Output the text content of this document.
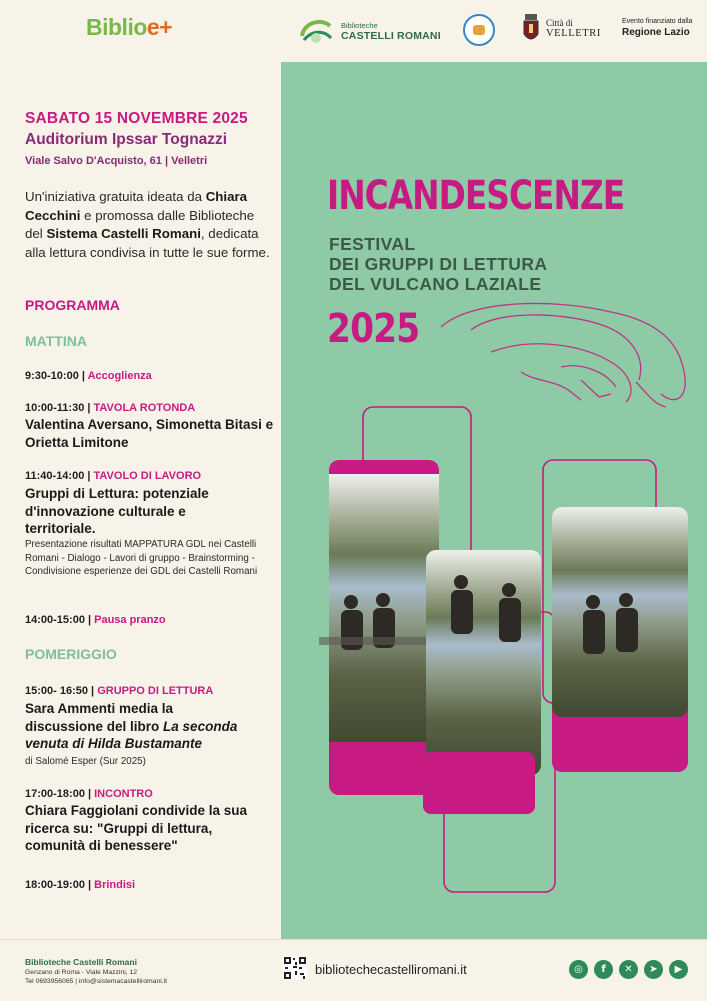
Biblioe+	Biblioteche
CASTELLI ROMANI
Città di
VELLETRI
Evento finanziato dalla
Regione Lazio
SABATO 15 NOVEMBRE 2025
Auditorium Ipssar Tognazzi
Viale Salvo D'Acquisto, 61 | Velletri
Un'iniziativa gratuita ideata da Chiara Cecchini e promossa dalle Biblioteche del Sistema Castelli Romani, dedicata alla lettura condivisa in tutte le sue forme.
PROGRAMMA
MATTINA
9:30-10:00 | Accoglienza
10:00-11:30 | TAVOLA ROTONDA
Valentina Aversano, Simonetta Bitasi e Orietta Limitone
11:40-14:00 | TAVOLO DI LAVORO
Gruppi di Lettura: potenziale d'innovazione culturale e territoriale.
Presentazione risultati MAPPATURA GDL nei Castelli Romani - Dialogo - Lavori di gruppo - Brainstorming - Condivisione esperienze dei GDL dei Castelli Romani
14:00-15:00 | Pausa pranzo
POMERIGGIO
15:00- 16:50 | GRUPPO DI LETTURA
Sara Ammenti media la discussione del libro La seconda venuta di Hilda Bustamante
di Salomé Esper (Sur 2025)
17:00-18:00 | INCONTRO
Chiara Faggiolani condivide la sua ricerca su: "Gruppi di lettura, comunità di benessere"
18:00-19:00 | Brindisi
INCANDESCENZE
FESTIVAL
DEI GRUPPI DI LETTURA
DEL VULCANO LAZIALE
2025
Biblioteche Castelli Romani
Genzano di Roma - Viale Mazzini, 12
Tel 0693956065 | info@sistemacastelliromani.it
bibliotechecastelliromani.it	◎	f	✕	➤	▶
